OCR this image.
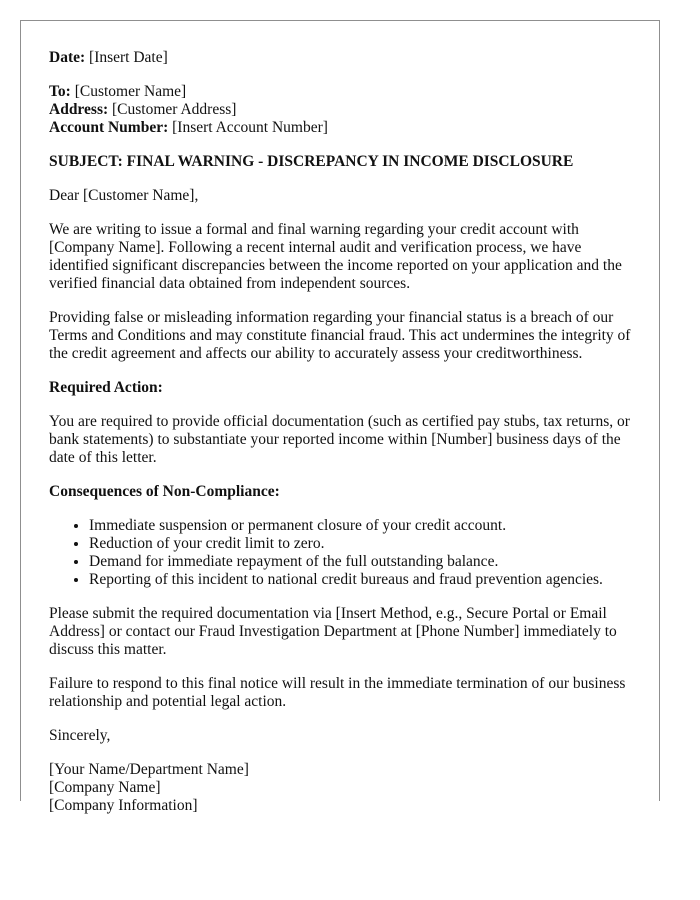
Date: [Insert Date]
To: [Customer Name]
Address: [Customer Address]
Account Number: [Insert Account Number]

SUBJECT: FINAL WARNING - DISCREPANCY IN INCOME DISCLOSURE

Dear [Customer Name],

We are writing to issue a formal and final warning regarding your credit account with [Company Name]. Following a recent internal audit and verification process, we have identified significant discrepancies between the income reported on your application and the verified financial data obtained from independent sources.

Providing false or misleading information regarding your financial status is a breach of our Terms and Conditions and may constitute financial fraud. This act undermines the integrity of the credit agreement and affects our ability to accurately assess your creditworthiness.

Required Action:

You are required to provide official documentation (such as certified pay stubs, tax returns, or bank statements) to substantiate your reported income within [Number] business days of the date of this letter.

Consequences of Non-Compliance:

• Immediate suspension or permanent closure of your credit account.
• Reduction of your credit limit to zero.
• Demand for immediate repayment of the full outstanding balance.
• Reporting of this incident to national credit bureaus and fraud prevention agencies.

Please submit the required documentation via [Insert Method, e.g., Secure Portal or Email Address] or contact our Fraud Investigation Department at [Phone Number] immediately to discuss this matter.

Failure to respond to this final notice will result in the immediate termination of our business relationship and potential legal action.

Sincerely,

[Your Name/Department Name]
[Company Name]
[Company Information]
